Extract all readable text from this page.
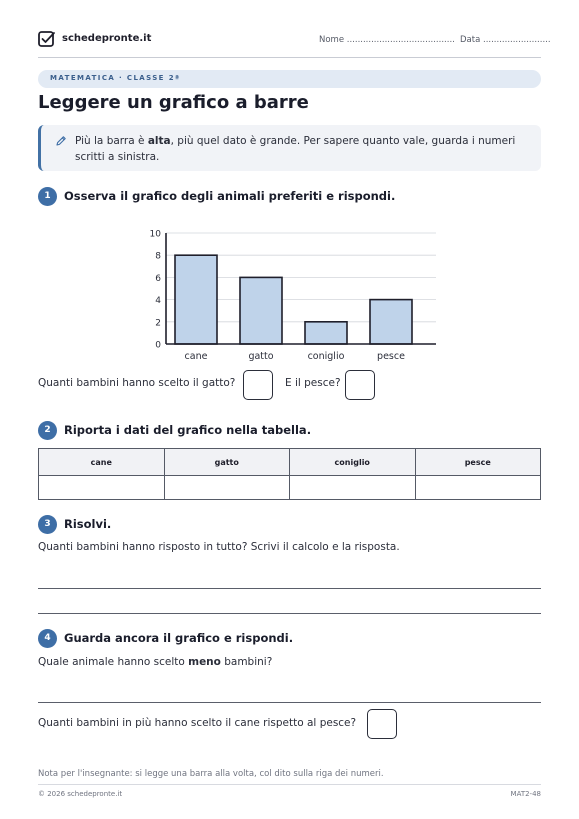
schedepronte.it	Nome ........................................ Data .........................
MATEMATICA · CLASSE 2ª
Leggere un grafico a barre
Più la barra è alta, più quel dato è grande. Per sapere quanto vale, guarda i numeri scritti a sinistra.
1	Osserva il grafico degli animali preferiti e rispondi.
0
2
4
6
8
10
cane	gatto	coniglio	pesce
Quanti bambini hanno scelto il gatto?	E il pesce?
2	Riporta i dati del grafico nella tabella.
cane	gatto	coniglio	pesce

3	Risolvi.
Quanti bambini hanno risposto in tutto? Scrivi il calcolo e la risposta.
4	Guarda ancora il grafico e rispondi.
Quale animale hanno scelto meno bambini?
Quanti bambini in più hanno scelto il cane rispetto al pesce?
Nota per l'insegnante: si legge una barra alla volta, col dito sulla riga dei numeri.
© 2026 schedepronte.it	MAT2-48
